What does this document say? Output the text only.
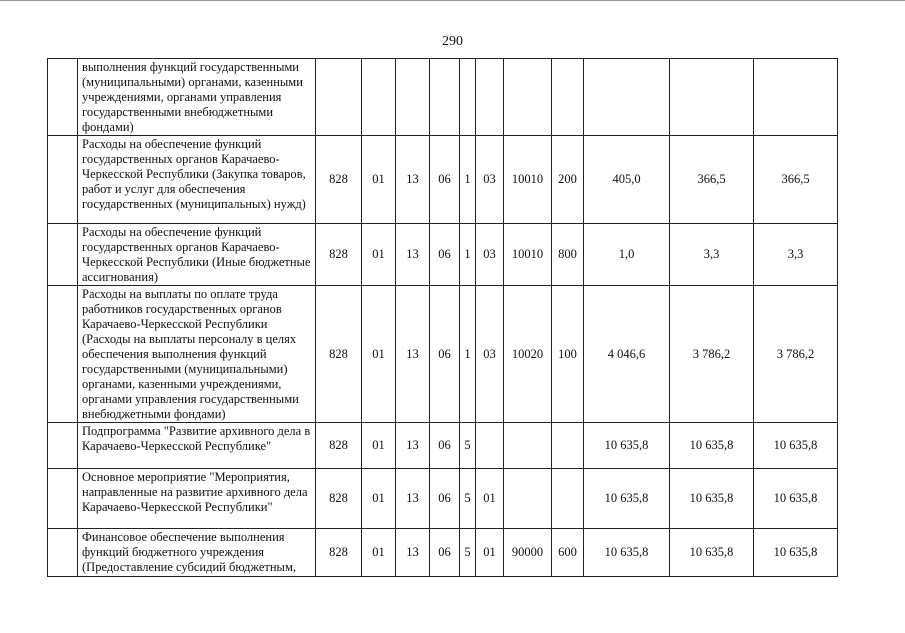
290
	выполнения функций государственными (муниципальными) органами, казенными учреждениями, органами управления государственными внебюджетными фондами)											
	Расходы на обеспечение функций государственных органов Карачаево-Черкесской Республики (Закупка товаров, работ и услуг для обеспечения государственных (муниципальных) нужд)	828	01	13	06	1	03	10010	200	405,0	366,5	366,5
	Расходы на обеспечение функций государственных органов Карачаево-Черкесской Республики (Иные бюджетные ассигнования)	828	01	13	06	1	03	10010	800	1,0	3,3	3,3
	Расходы на выплаты по оплате труда работников государственных органов Карачаево-Черкесской Республики (Расходы на выплаты персоналу в целях обеспечения выполнения функций государственными (муниципальными) органами, казенными учреждениями, органами управления государственными внебюджетными фондами)	828	01	13	06	1	03	10020	100	4 046,6	3 786,2	3 786,2
	Подпрограмма "Развитие архивного дела в Карачаево-Черкесской Республике"	828	01	13	06	5				10 635,8	10 635,8	10 635,8
	Основное мероприятие "Мероприятия, направленные на развитие архивного дела Карачаево-Черкесской Республики"	828	01	13	06	5	01			10 635,8	10 635,8	10 635,8
	Финансовое обеспечение выполнения функций бюджетного учреждения (Предоставление субсидий бюджетным,	828	01	13	06	5	01	90000	600	10 635,8	10 635,8	10 635,8
